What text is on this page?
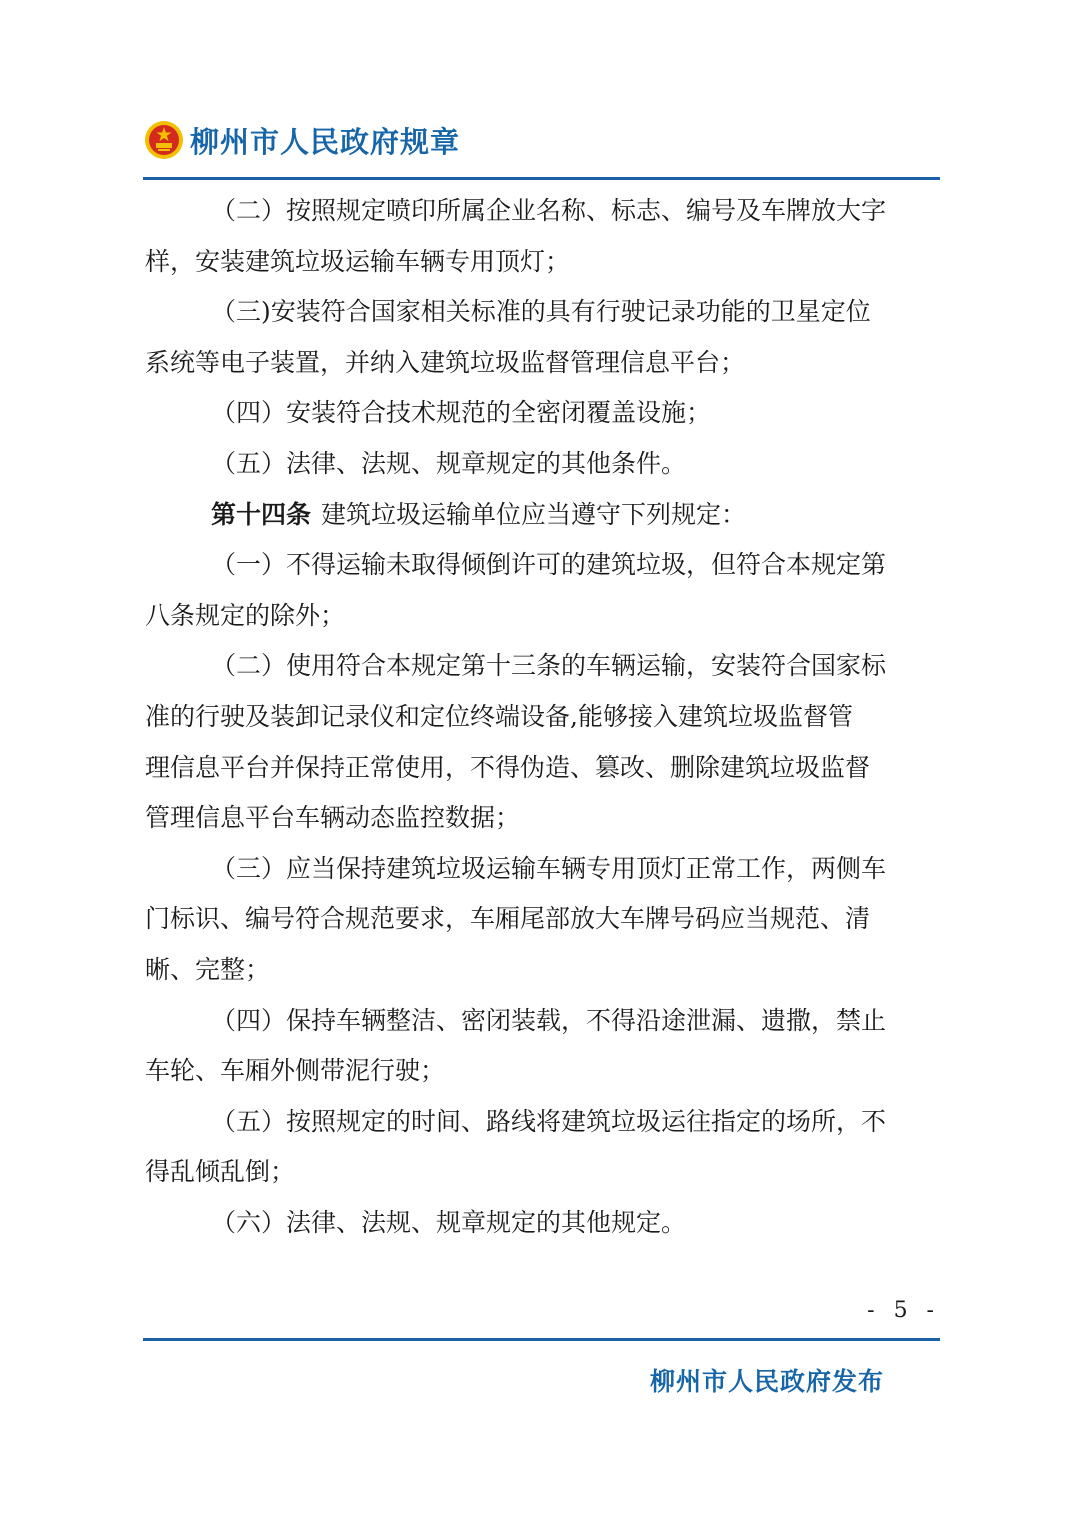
柳州市人民政府规章
（二）按照规定喷印所属企业名称、标志、编号及车牌放大字
样，安装建筑垃圾运输车辆专用顶灯；
（三)安装符合国家相关标准的具有行驶记录功能的卫星定位
系统等电子装置，并纳入建筑垃圾监督管理信息平台；
（四）安装符合技术规范的全密闭覆盖设施；
（五）法律、法规、规章规定的其他条件。
第十四条 建筑垃圾运输单位应当遵守下列规定：
（一）不得运输未取得倾倒许可的建筑垃圾，但符合本规定第
八条规定的除外；
（二）使用符合本规定第十三条的车辆运输，安装符合国家标
准的行驶及装卸记录仪和定位终端设备,能够接入建筑垃圾监督管
理信息平台并保持正常使用，不得伪造、篡改、删除建筑垃圾监督
管理信息平台车辆动态监控数据；
（三）应当保持建筑垃圾运输车辆专用顶灯正常工作，两侧车
门标识、编号符合规范要求，车厢尾部放大车牌号码应当规范、清
晰、完整；
（四）保持车辆整洁、密闭装载，不得沿途泄漏、遗撒，禁止
车轮、车厢外侧带泥行驶；
（五）按照规定的时间、路线将建筑垃圾运往指定的场所，不
得乱倾乱倒；
（六）法律、法规、规章规定的其他规定。
- 5 -
柳州市人民政府发布
